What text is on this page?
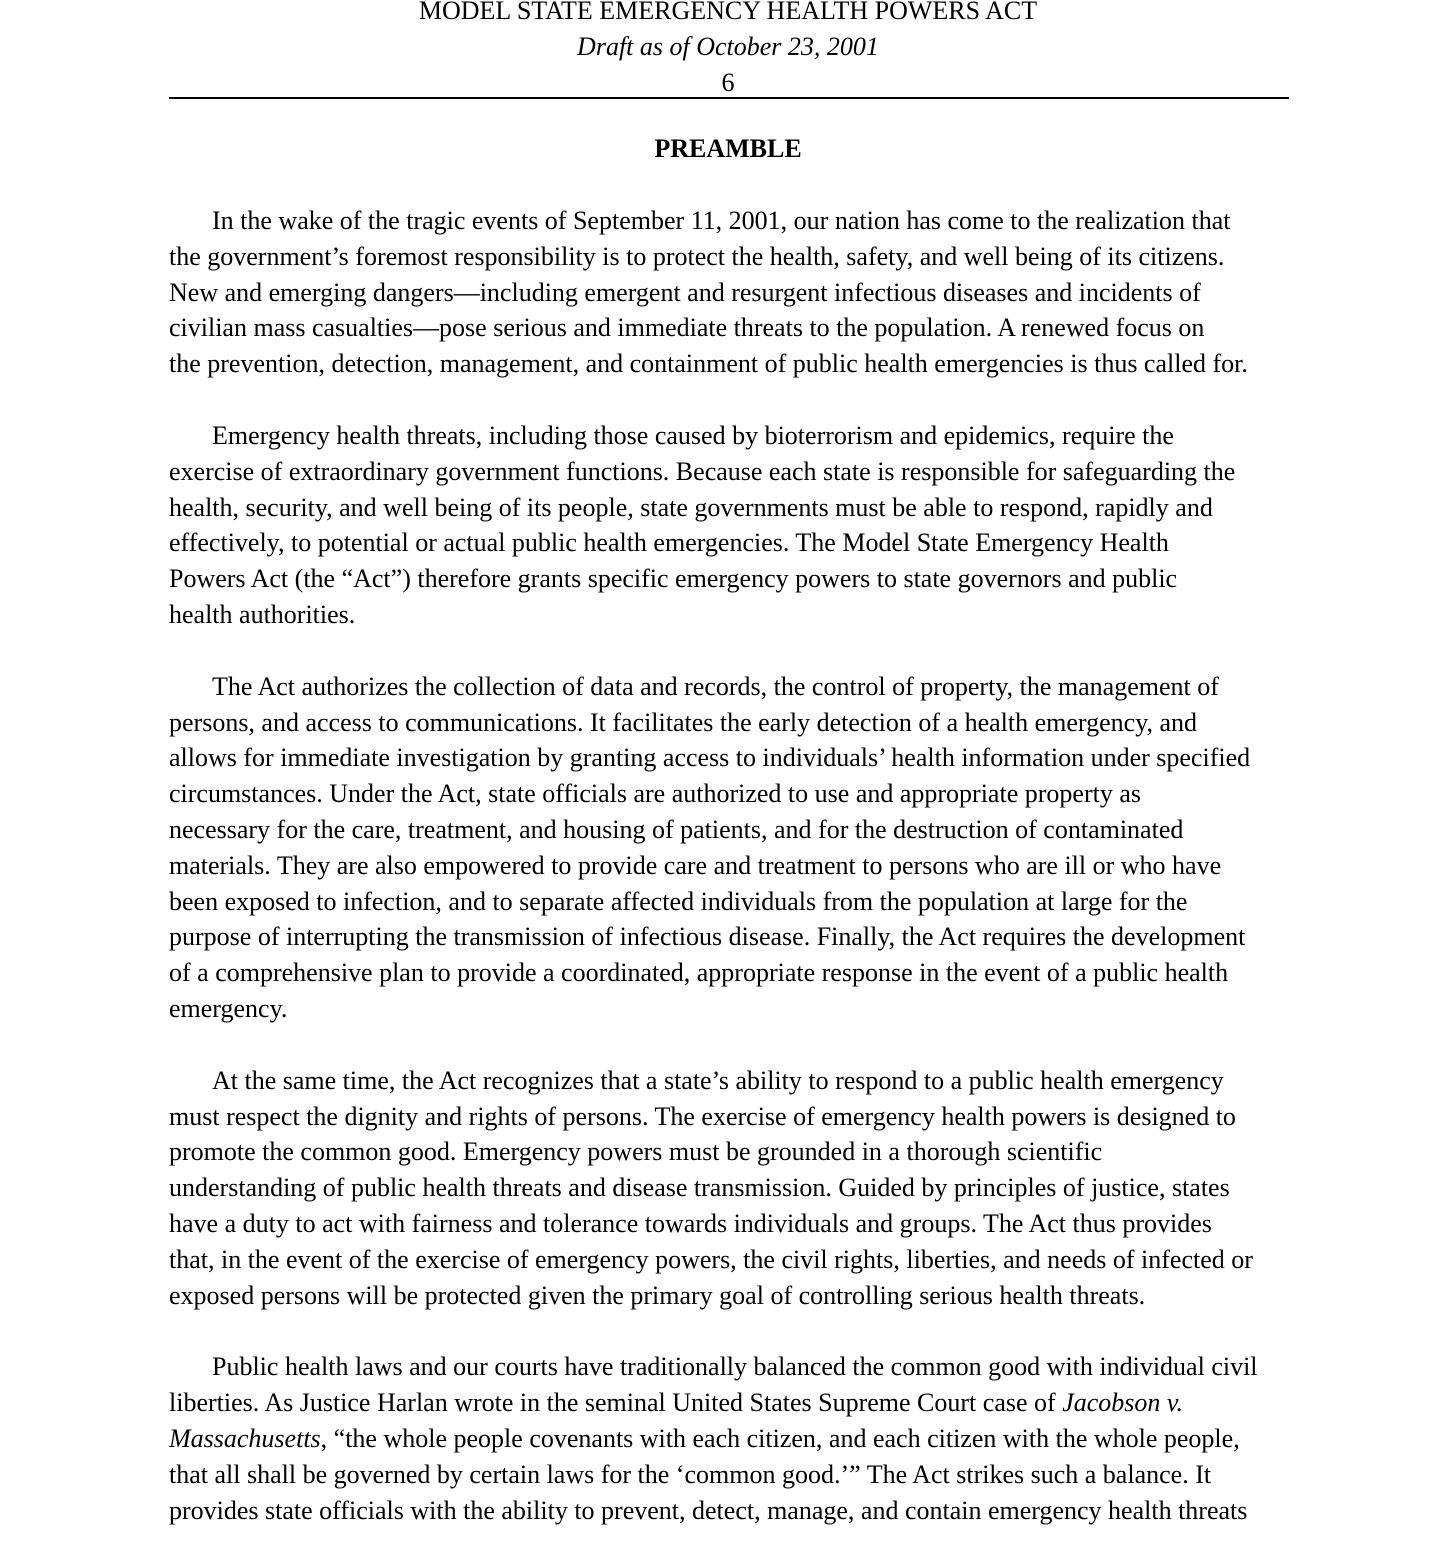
MODEL STATE EMERGENCY HEALTH POWERS ACT
Draft as of October 23, 2001
6
PREAMBLE
In the wake of the tragic events of September 11, 2001, our nation has come to the realization that
the government’s foremost responsibility is to protect the health, safety, and well being of its citizens.
New and emerging dangers—including emergent and resurgent infectious diseases and incidents of
civilian mass casualties—pose serious and immediate threats to the population. A renewed focus on
the prevention, detection, management, and containment of public health emergencies is thus called for.
Emergency health threats, including those caused by bioterrorism and epidemics, require the
exercise of extraordinary government functions. Because each state is responsible for safeguarding the
health, security, and well being of its people, state governments must be able to respond, rapidly and
effectively, to potential or actual public health emergencies. The Model State Emergency Health
Powers Act (the “Act”) therefore grants specific emergency powers to state governors and public
health authorities.
The Act authorizes the collection of data and records, the control of property, the management of
persons, and access to communications. It facilitates the early detection of a health emergency, and
allows for immediate investigation by granting access to individuals’ health information under specified
circumstances. Under the Act, state officials are authorized to use and appropriate property as
necessary for the care, treatment, and housing of patients, and for the destruction of contaminated
materials. They are also empowered to provide care and treatment to persons who are ill or who have
been exposed to infection, and to separate affected individuals from the population at large for the
purpose of interrupting the transmission of infectious disease. Finally, the Act requires the development
of a comprehensive plan to provide a coordinated, appropriate response in the event of a public health
emergency.
At the same time, the Act recognizes that a state’s ability to respond to a public health emergency
must respect the dignity and rights of persons. The exercise of emergency health powers is designed to
promote the common good. Emergency powers must be grounded in a thorough scientific
understanding of public health threats and disease transmission. Guided by principles of justice, states
have a duty to act with fairness and tolerance towards individuals and groups. The Act thus provides
that, in the event of the exercise of emergency powers, the civil rights, liberties, and needs of infected or
exposed persons will be protected given the primary goal of controlling serious health threats.
Public health laws and our courts have traditionally balanced the common good with individual civil
liberties. As Justice Harlan wrote in the seminal United States Supreme Court case of Jacobson v.
Massachusetts, “the whole people covenants with each citizen, and each citizen with the whole people,
that all shall be governed by certain laws for the ‘common good.’” The Act strikes such a balance. It
provides state officials with the ability to prevent, detect, manage, and contain emergency health threats
